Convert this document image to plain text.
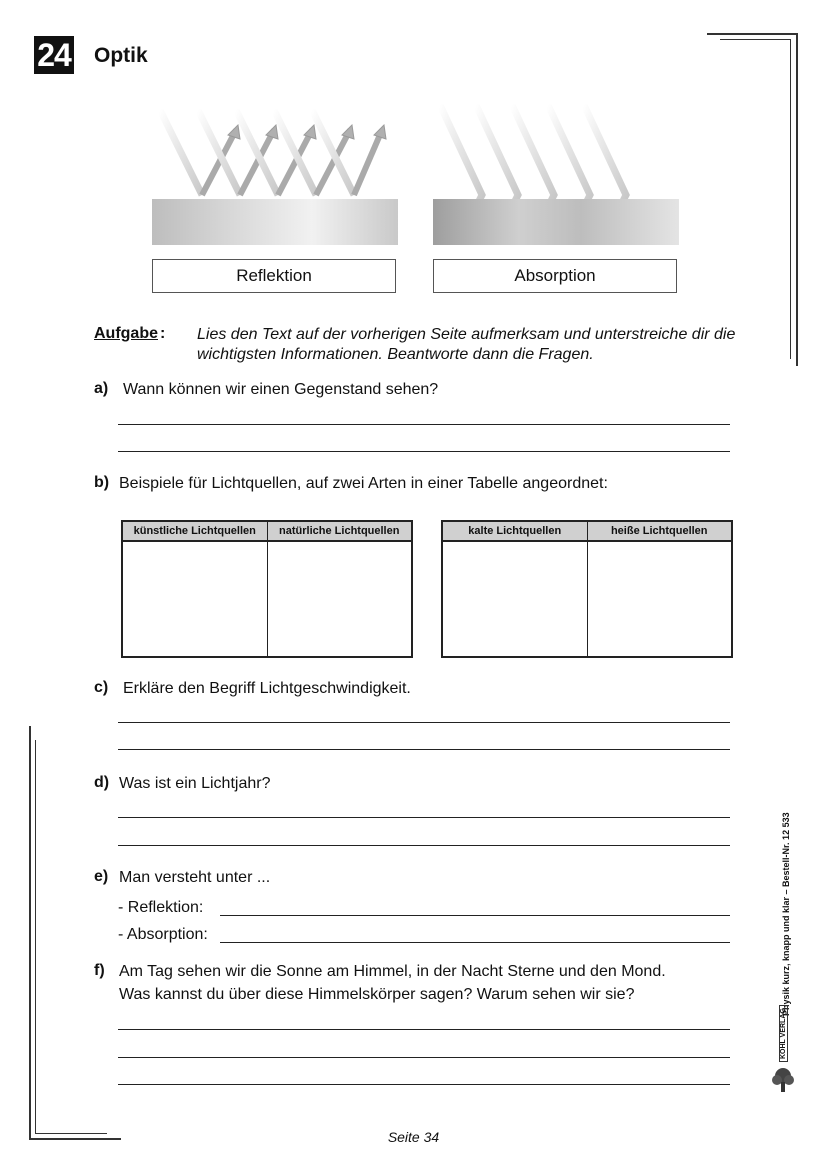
24 Optik
Reflektion	Absorption
Aufgabe : Lies den Text auf der vorherigen Seite aufmerksam und unterstreiche dir die wichtigsten Informationen. Beantworte dann die Fragen.
a) Wann können wir einen Gegenstand sehen?
b) Beispiele für Lichtquellen, auf zwei Arten in einer Tabelle angeordnet:
künstliche Lichtquellen	natürliche Lichtquellen
		kalte Lichtquellen	heiße Lichtquellen

c) Erkläre den Begriff Lichtgeschwindigkeit.
d) Was ist ein Lichtjahr?
e) Man versteht unter ...
- Reflektion:
- Absorption:
f) Am Tag sehen wir die Sonne am Himmel, in der Nacht Sterne und den Mond.
Was kannst du über diese Himmelskörper sagen? Warum sehen wir sie?
Seite 34
Physik kurz, knapp und klar – Bestell-Nr. 12 533
KOHL VERLAG
